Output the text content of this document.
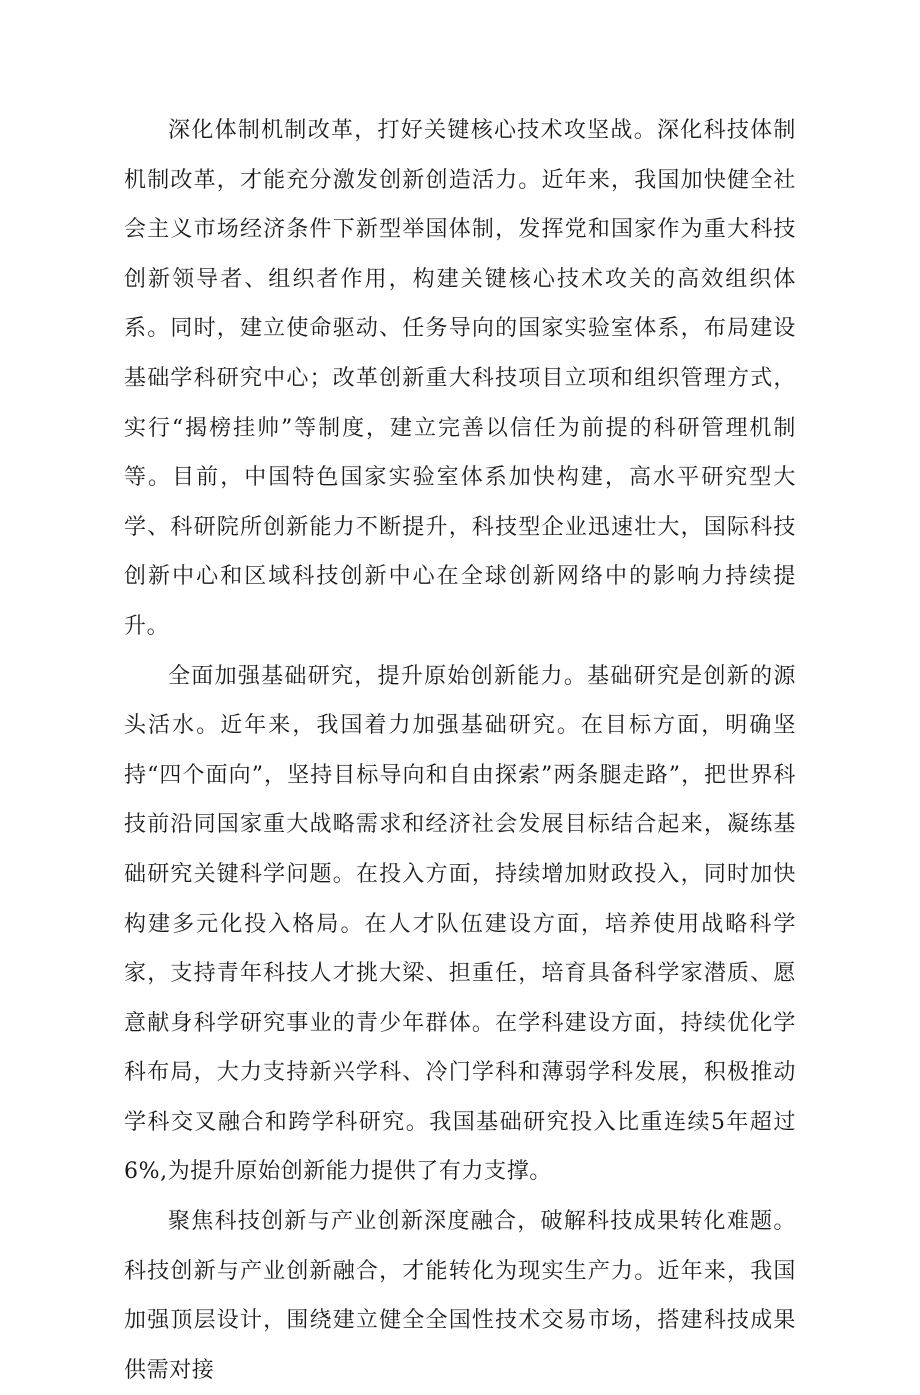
深化体制机制改革，打好关键核心技术攻坚战。深化科技体制机制改革，才能充分激发创新创造活力。近年来，我国加快健全社会主义市场经济条件下新型举国体制，发挥党和国家作为重大科技创新领导者、组织者作用，构建关键核心技术攻关的高效组织体系。同时，建立使命驱动、任务导向的国家实验室体系，布局建设基础学科研究中心；改革创新重大科技项目立项和组织管理方式，实行“揭榜挂帅”等制度，建立完善以信任为前提的科研管理机制等。目前，中国特色国家实验室体系加快构建，高水平研究型大学、科研院所创新能力不断提升，科技型企业迅速壮大，国际科技创新中心和区域科技创新中心在全球创新网络中的影响力持续提升。

全面加强基础研究，提升原始创新能力。基础研究是创新的源头活水。近年来，我国着力加强基础研究。在目标方面，明确坚持“四个面向”，坚持目标导向和自由探索”两条腿走路”，把世界科技前沿同国家重大战略需求和经济社会发展目标结合起来，凝练基础研究关键科学问题。在投入方面，持续增加财政投入，同时加快构建多元化投入格局。在人才队伍建设方面，培养使用战略科学家，支持青年科技人才挑大梁、担重任，培育具备科学家潜质、愿意献身科学研究事业的青少年群体。在学科建设方面，持续优化学科布局，大力支持新兴学科、冷门学科和薄弱学科发展，积极推动学科交叉融合和跨学科研究。我国基础研究投入比重连续5年超过6%,为提升原始创新能力提供了有力支撑。

聚焦科技创新与产业创新深度融合，破解科技成果转化难题。科技创新与产业创新融合，才能转化为现实生产力。近年来，我国加强顶层设计，围绕建立健全全国性技术交易市场，搭建科技成果供需对接
